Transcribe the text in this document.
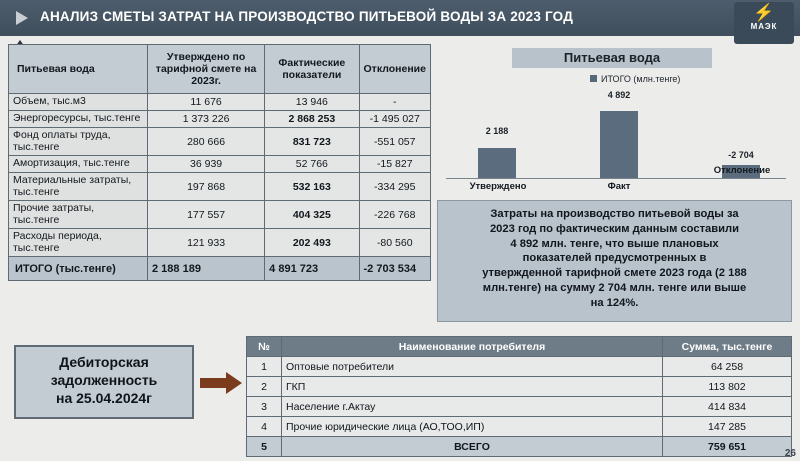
АНАЛИЗ СМЕТЫ ЗАТРАТ НА ПРОИЗВОДСТВО ПИТЬЕВОЙ ВОДЫ ЗА 2023 ГОД	⚡
МАЭК
Питьевая вода	Утверждено по тарифной смете на 2023г.	Фактические показатели	Отклонение
Объем, тыс.м3	11 676	13 946	-
Энергоресурсы, тыс.тенге	1 373 226	2 868 253	-1 495 027
Фонд оплаты труда, тыс.тенге	280 666	831 723	-551 057
Амортизация, тыс.тенге	36 939	52 766	-15 827
Материальные затраты, тыс.тенге	197 868	532 163	-334 295
Прочие затраты, тыс.тенге	177 557	404 325	-226 768
Расходы периода, тыс.тенге	121 933	202 493	-80 560
ИТОГО (тыс.тенге)	2 188 189	4 891 723	-2 703 534
Питьевая вода
ИТОГО (млн.тенге)
2 188
Утверждено
4 892
Факт
-2 704
Отклонение
Затраты на производство питьевой воды за
2023 год по фактическим данным составили
4 892 млн. тенге, что выше плановых
показателей предусмотренных в
утвержденной тарифной смете 2023 года (2 188
млн.тенге) на сумму 2 704 млн. тенге или выше
на 124%.
Дебиторская
задолженность
на 25.04.2024г
№	Наименование потребителя	Сумма, тыс.тенге
1	Оптовые потребители	64 258
2	ГКП	113 802
3	Население г.Актау	414 834
4	Прочие юридические лица (АО,ТОО,ИП)	147 285
5	ВСЕГО	759 651
26
